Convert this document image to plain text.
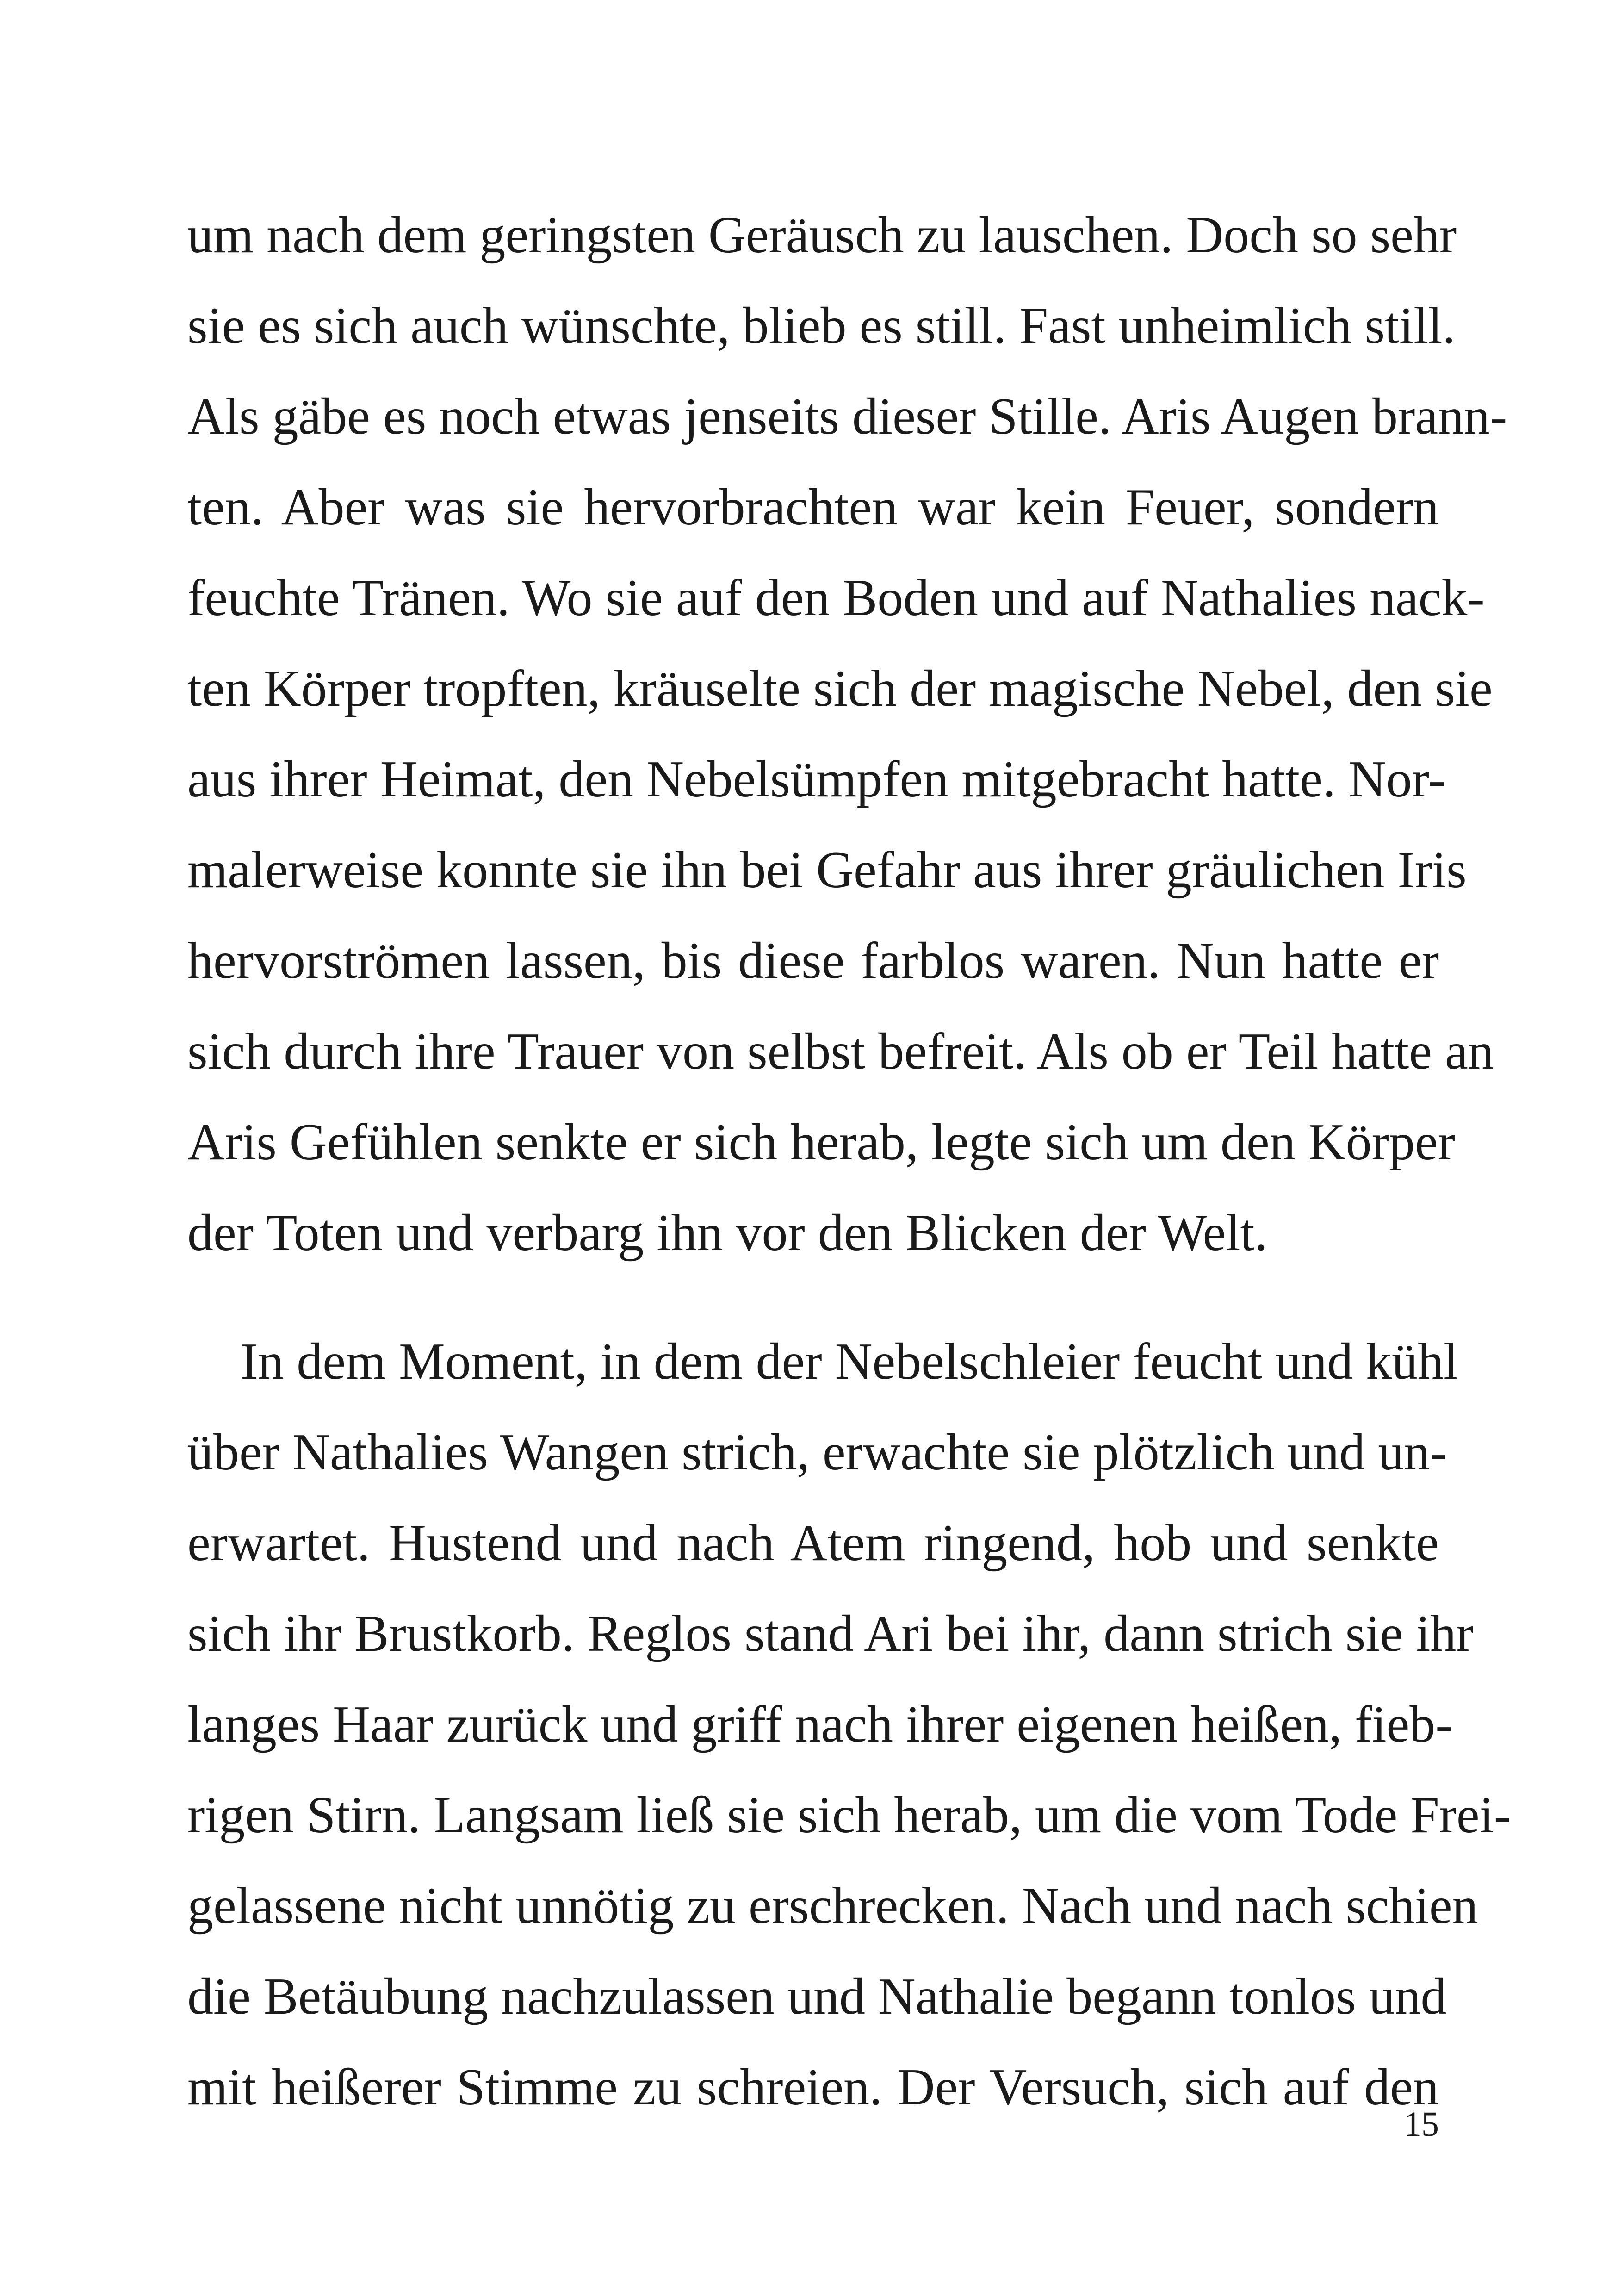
um nach dem geringsten Geräusch zu lauschen. Doch so sehr
sie es sich auch wünschte, blieb es still. Fast unheimlich still.
Als gäbe es noch etwas jenseits dieser Stille. Aris Augen brann-
ten. Aber was sie hervorbrachten war kein Feuer, sondern
feuchte Tränen. Wo sie auf den Boden und auf Nathalies nack-
ten Körper tropften, kräuselte sich der magische Nebel, den sie
aus ihrer Heimat, den Nebelsümpfen mitgebracht hatte. Nor-
malerweise konnte sie ihn bei Gefahr aus ihrer gräulichen Iris
hervorströmen lassen, bis diese farblos waren. Nun hatte er
sich durch ihre Trauer von selbst befreit. Als ob er Teil hatte an
Aris Gefühlen senkte er sich herab, legte sich um den Körper
der Toten und verbarg ihn vor den Blicken der Welt.
In dem Moment, in dem der Nebelschleier feucht und kühl
über Nathalies Wangen strich, erwachte sie plötzlich und un-
erwartet. Hustend und nach Atem ringend, hob und senkte
sich ihr Brustkorb. Reglos stand Ari bei ihr, dann strich sie ihr
langes Haar zurück und griff nach ihrer eigenen heißen, fieb-
rigen Stirn. Langsam ließ sie sich herab, um die vom Tode Frei-
gelassene nicht unnötig zu erschrecken. Nach und nach schien
die Betäubung nachzulassen und Nathalie begann tonlos und
mit heißerer Stimme zu schreien. Der Versuch, sich auf den
15
